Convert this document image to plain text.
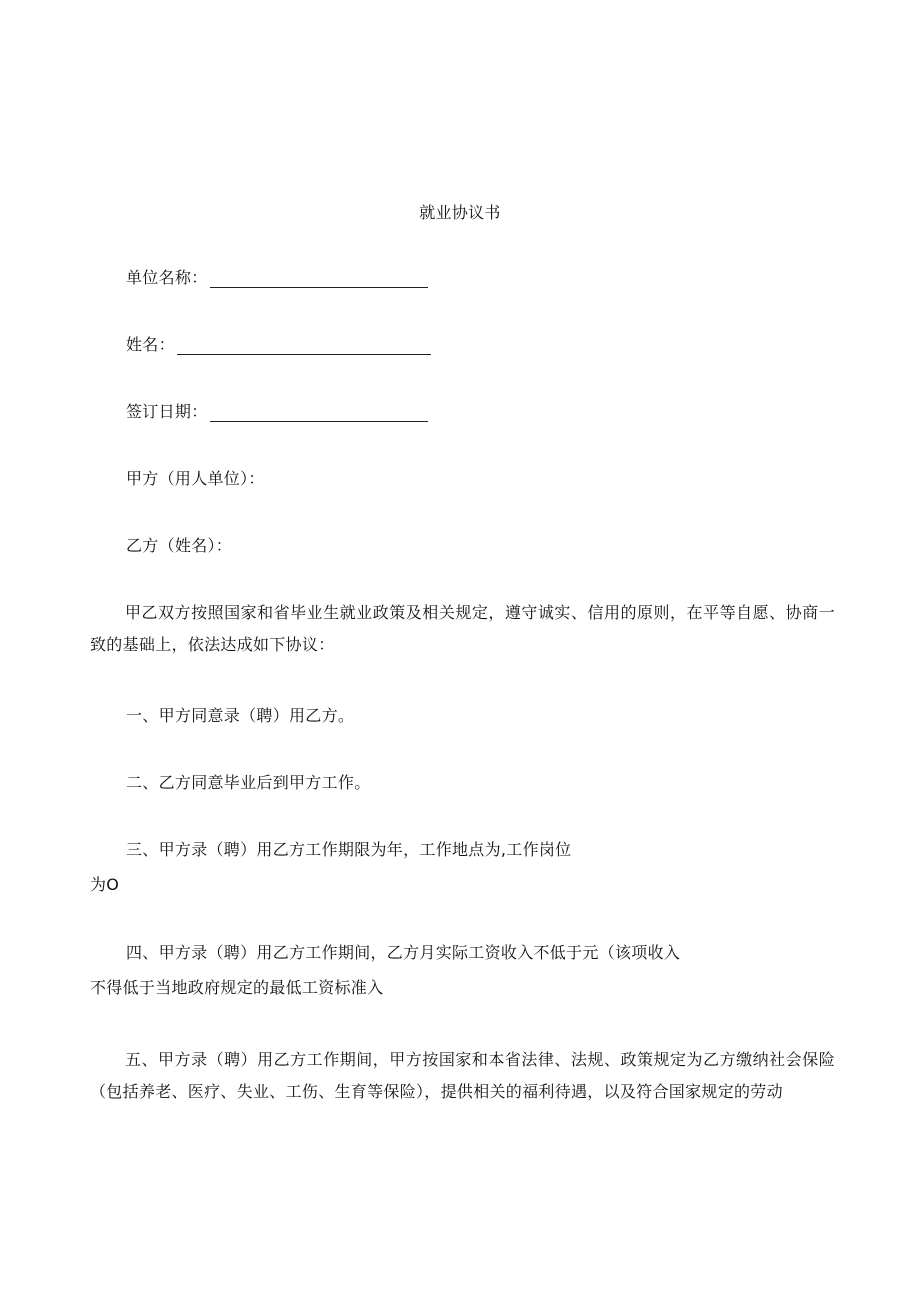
就业协议书
单位名称：
姓名：
签订日期：
甲方（用人单位）：
乙方（姓名）：
甲乙双方按照国家和省毕业生就业政策及相关规定，遵守诚实、信用的原则，在平等自愿、协商一致的基础上，依法达成如下协议：
一、甲方同意录（聘）用乙方。
二、乙方同意毕业后到甲方工作。
三、甲方录（聘）用乙方工作期限为年，工作地点为,工作岗位
为O
四、甲方录（聘）用乙方工作期间，乙方月实际工资收入不低于元（该项收入
不得低于当地政府规定的最低工资标准入
五、甲方录（聘）用乙方工作期间，甲方按国家和本省法律、法规、政策规定为乙方缴纳社会保险（包括养老、医疗、失业、工伤、生育等保险），提供相关的福利待遇，以及符合国家规定的劳动
